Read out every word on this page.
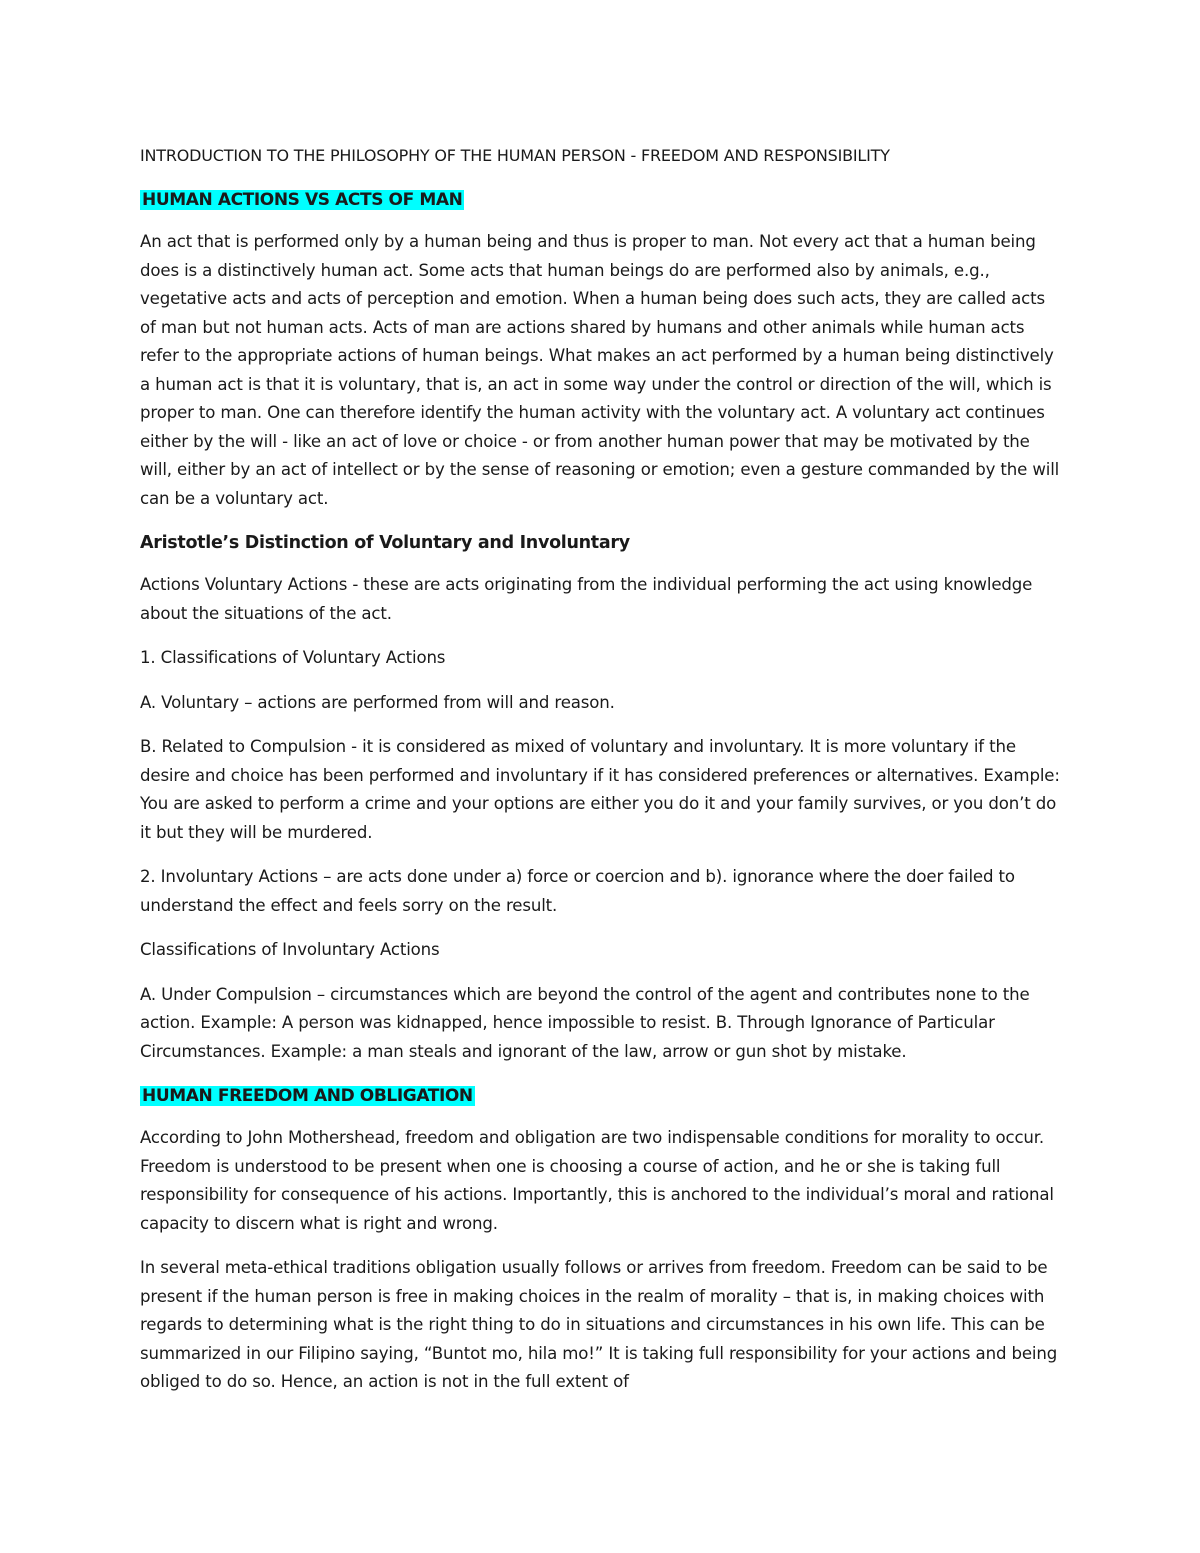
INTRODUCTION TO THE PHILOSOPHY OF THE HUMAN PERSON - FREEDOM AND RESPONSIBILITY
HUMAN ACTIONS VS ACTS OF MAN

An act that is performed only by a human being and thus is proper to man. Not every act that a human being does is a distinctively human act. Some acts that human beings do are performed also by animals, e.g., vegetative acts and acts of perception and emotion. When a human being does such acts, they are called acts of man but not human acts. Acts of man are actions shared by humans and other animals while human acts refer to the appropriate actions of human beings. What makes an act performed by a human being distinctively a human act is that it is voluntary, that is, an act in some way under the control or direction of the will, which is proper to man. One can therefore identify the human activity with the voluntary act. A voluntary act continues either by the will - like an act of love or choice - or from another human power that may be motivated by the will, either by an act of intellect or by the sense of reasoning or emotion; even a gesture commanded by the will can be a voluntary act.

Aristotle’s Distinction of Voluntary and Involuntary

Actions Voluntary Actions - these are acts originating from the individual performing the act using knowledge about the situations of the act.

1. Classifications of Voluntary Actions

A. Voluntary – actions are performed from will and reason.

B. Related to Compulsion - it is considered as mixed of voluntary and involuntary. It is more voluntary if the desire and choice has been performed and involuntary if it has considered preferences or alternatives. Example: You are asked to perform a crime and your options are either you do it and your family survives, or you don’t do it but they will be murdered.

2. Involuntary Actions – are acts done under a) force or coercion and b). ignorance where the doer failed to understand the effect and feels sorry on the result.

Classifications of Involuntary Actions

A. Under Compulsion – circumstances which are beyond the control of the agent and contributes none to the action. Example: A person was kidnapped, hence impossible to resist. B. Through Ignorance of Particular Circumstances. Example: a man steals and ignorant of the law, arrow or gun shot by mistake.

HUMAN FREEDOM AND OBLIGATION

According to John Mothershead, freedom and obligation are two indispensable conditions for morality to occur. Freedom is understood to be present when one is choosing a course of action, and he or she is taking full responsibility for consequence of his actions. Importantly, this is anchored to the individual’s moral and rational capacity to discern what is right and wrong.

In several meta-ethical traditions obligation usually follows or arrives from freedom. Freedom can be said to be present if the human person is free in making choices in the realm of morality – that is, in making choices with regards to determining what is the right thing to do in situations and circumstances in his own life. This can be summarized in our Filipino saying, “Buntot mo, hila mo!” It is taking full responsibility for your actions and being obliged to do so. Hence, an action is not in the full extent of
